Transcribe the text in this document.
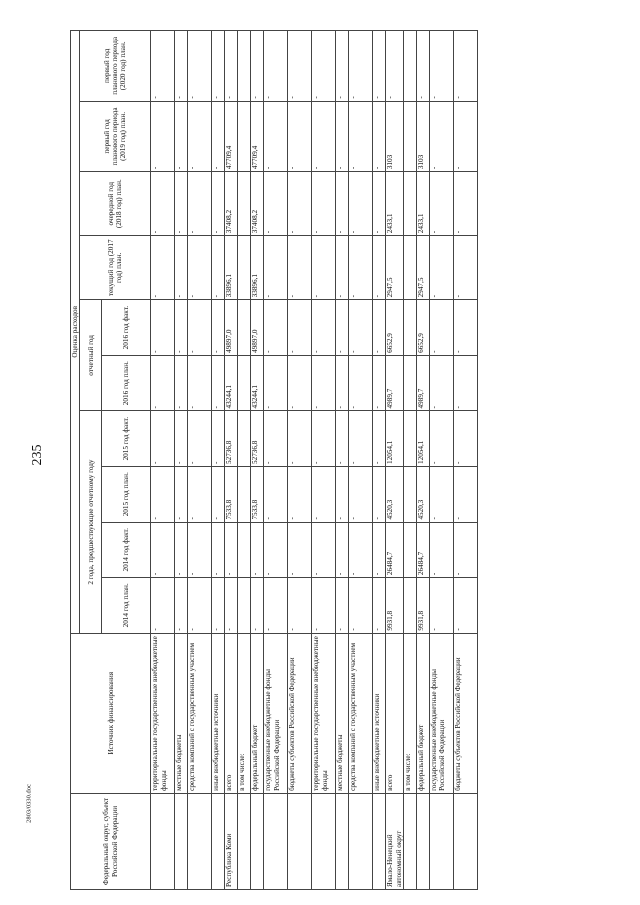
235
2803/0330.doc	Федеральный округ, субъект Российской Федерации	Источник финансирования	Оценка расходов									
		2 года, предшествующие отчетному году				отчетный год		текущий год (2017 год) план.	очередной год (2018 год) план.	первый год планового периода (2019 год) план.	первый год планового периода (2020 год) план.
		2014 год план.	2014 год факт.	2015 год план.	2015 год факт.	2016 год план.	2016 год факт.				
	территориальные государственные внебюджетные фонды	-	-	-	-	-	-	-	-	-	-
	местные бюджеты	-	-	-	-	-	-	-	-	-	-
	средства компаний с государственным участием	-	-	-	-	-	-	-	-	-	-
	иные внебюджетные источники	-	-	-	-	-	-	-	-	-	-
Республика Коми	всего	-	-	7533,8	52736,8	43244,1	49897,0	33896,1	37408,2	47709,4	-
	в том числе:										
	федеральный бюджет	-	-	7533,8	52736,8	43244,1	49897,0	33896,1	37408,2	47709,4	-
	государственные внебюджетные фонды Российской Федерации	-	-	-	-	-	-	-	-	-	-
	бюджеты субъектов Российской Федерации	-	-	-	-	-	-	-	-	-	-
	территориальные государственные внебюджетные фонды	-	-	-	-	-	-	-	-	-	-
	местные бюджеты	-	-	-	-	-	-	-	-	-	-
	средства компаний с государственным участием	-	-	-	-	-	-	-	-	-	-
	иные внебюджетные источники	-	-	-	-	-	-	-	-	-	-
Ямало-Ненецкий автономный округ	всего	9931,8	26484,7	4520,3	12054,1	4989,7	6652,9	2947,5	2433,1	3103	-
	в том числе:										
	федеральный бюджет	9931,8	26484,7	4520,3	12054,1	4989,7	6652,9	2947,5	2433,1	3103	-
	государственные внебюджетные фонды Российской Федерации	-	-	-	-	-	-	-	-	-	-
	бюджеты субъектов Российской Федерации	-	-	-	-	-	-	-	-	-	-
